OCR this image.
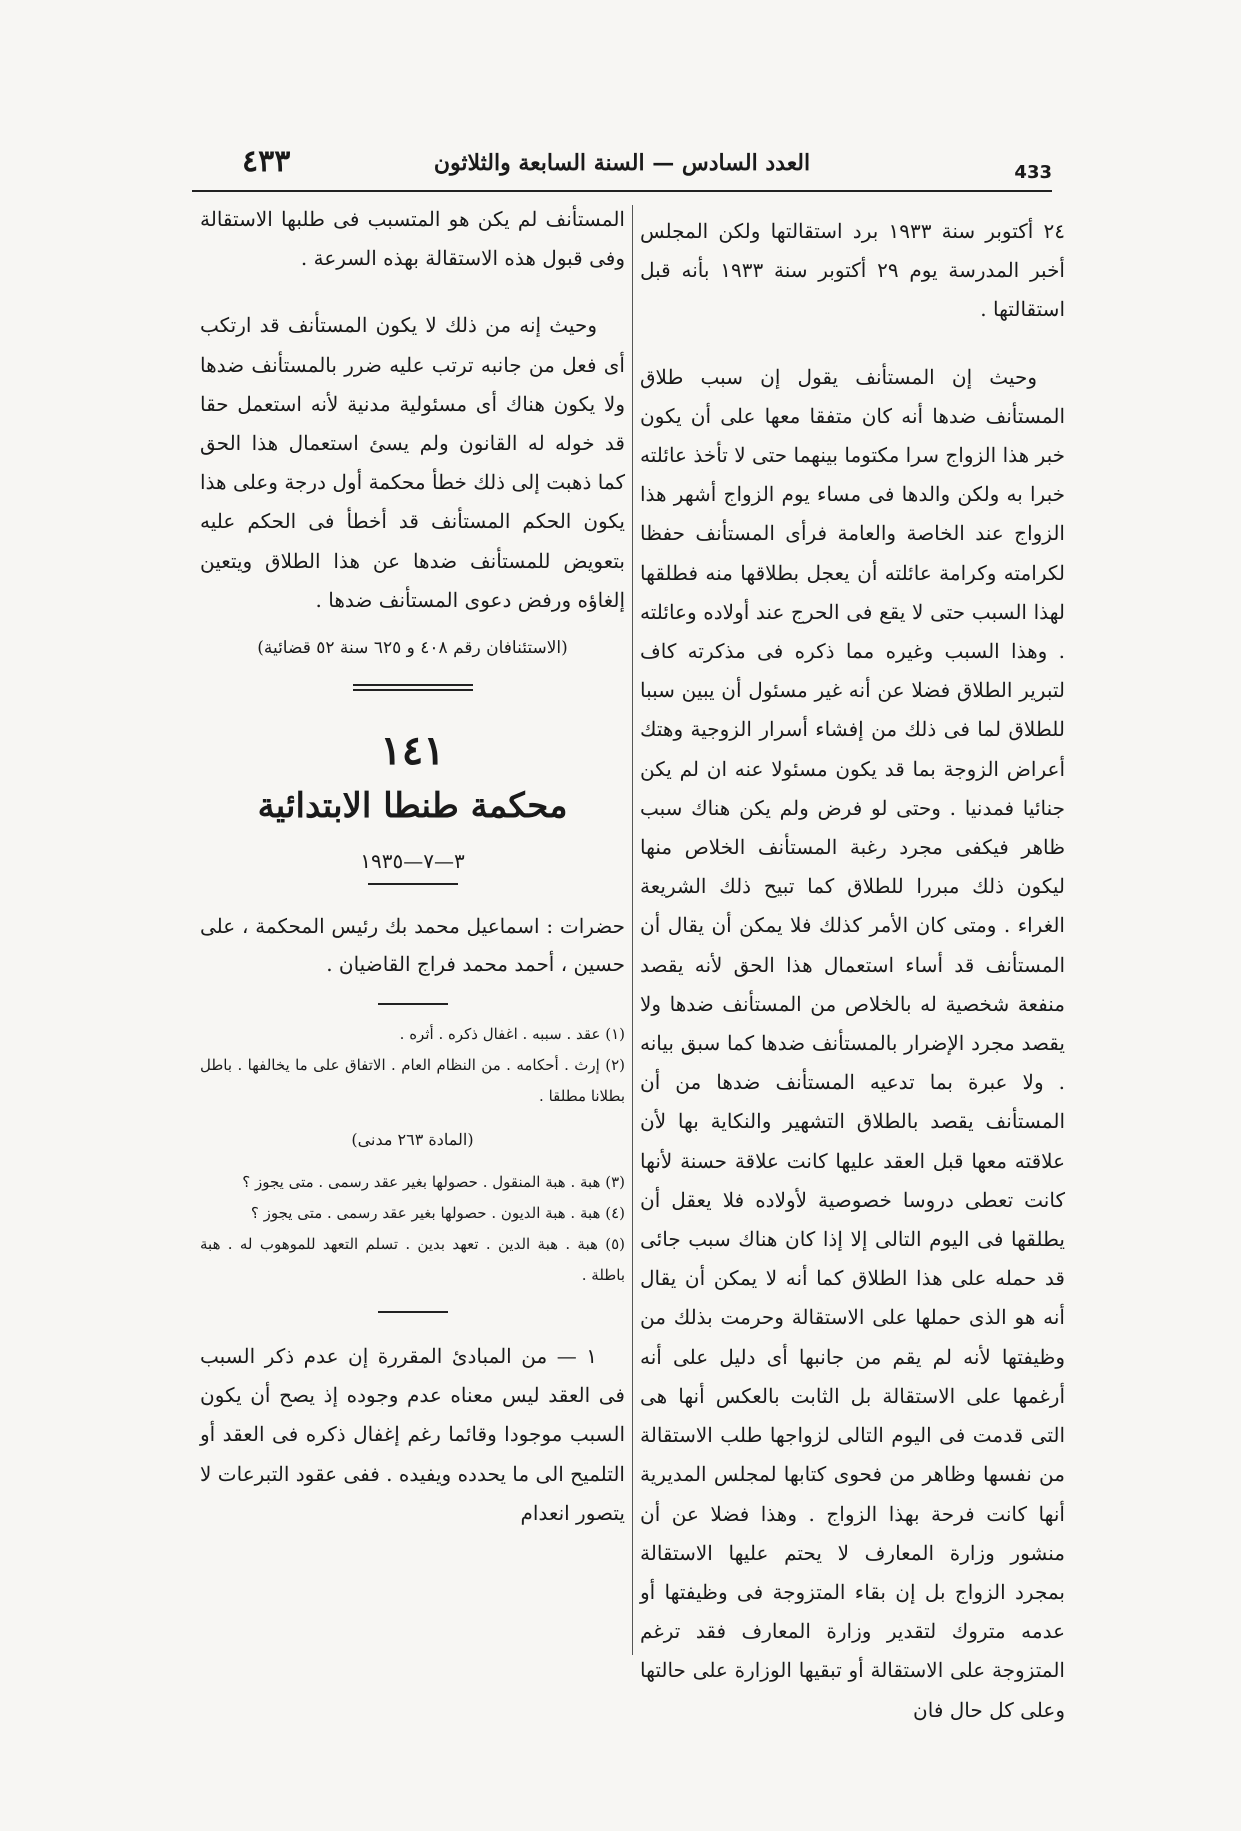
٤٣٣	العدد السادس — السنة السابعة والثلاثون	433

٢٤ أكتوبر سنة ١٩٣٣ برد استقالتها ولكن المجلس أخبر المدرسة يوم ٢٩ أكتوبر سنة ١٩٣٣ بأنه قبل استقالتها .

وحيث إن المستأنف يقول إن سبب طلاق المستأنف ضدها أنه كان متفقا معها على أن يكون خبر هذا الزواج سرا مكتوما بينهما حتى لا تأخذ عائلته خبرا به ولكن والدها فى مساء يوم الزواج أشهر هذا الزواج عند الخاصة والعامة فرأى المستأنف حفظا لكرامته وكرامة عائلته أن يعجل بطلاقها منه فطلقها لهذا السبب حتى لا يقع فى الحرج عند أولاده وعائلته . وهذا السبب وغيره مما ذكره فى مذكرته كاف لتبرير الطلاق فضلا عن أنه غير مسئول أن يبين سببا للطلاق لما فى ذلك من إفشاء أسرار الزوجية وهتك أعراض الزوجة بما قد يكون مسئولا عنه ان لم يكن جنائيا فمدنيا . وحتى لو فرض ولم يكن هناك سبب ظاهر فيكفى مجرد رغبة المستأنف الخلاص منها ليكون ذلك مبررا للطلاق كما تبيح ذلك الشريعة الغراء . ومتى كان الأمر كذلك فلا يمكن أن يقال أن المستأنف قد أساء استعمال هذا الحق لأنه يقصد منفعة شخصية له بالخلاص من المستأنف ضدها ولا يقصد مجرد الإضرار بالمستأنف ضدها كما سبق بيانه . ولا عبرة بما تدعيه المستأنف ضدها من أن المستأنف يقصد بالطلاق التشهير والنكاية بها لأن علاقته معها قبل العقد عليها كانت علاقة حسنة لأنها كانت تعطى دروسا خصوصية لأولاده فلا يعقل أن يطلقها فى اليوم التالى إلا إذا كان هناك سبب جائى قد حمله على هذا الطلاق كما أنه لا يمكن أن يقال أنه هو الذى حملها على الاستقالة وحرمت بذلك من وظيفتها لأنه لم يقم من جانبها أى دليل على أنه أرغمها على الاستقالة بل الثابت بالعكس أنها هى التى قدمت فى اليوم التالى لزواجها طلب الاستقالة من نفسها وظاهر من فحوى كتابها لمجلس المديرية أنها كانت فرحة بهذا الزواج . وهذا فضلا عن أن منشور وزارة المعارف لا يحتم عليها الاستقالة بمجرد الزواج بل إن بقاء المتزوجة فى وظيفتها أو عدمه متروك لتقدير وزارة المعارف فقد ترغم المتزوجة على الاستقالة أو تبقيها الوزارة على حالتها وعلى كل حال فان

المستأنف لم يكن هو المتسبب فى طلبها الاستقالة وفى قبول هذه الاستقالة بهذه السرعة .

وحيث إنه من ذلك لا يكون المستأنف قد ارتكب أى فعل من جانبه ترتب عليه ضرر بالمستأنف ضدها ولا يكون هناك أى مسئولية مدنية لأنه استعمل حقا قد خوله له القانون ولم يسئ استعمال هذا الحق كما ذهبت إلى ذلك خطأ محكمة أول درجة وعلى هذا يكون الحكم المستأنف قد أخطأ فى الحكم عليه بتعويض للمستأنف ضدها عن هذا الطلاق ويتعين إلغاؤه ورفض دعوى المستأنف ضدها .

(الاستئنافان رقم ٤٠٨ و ٦٢٥ سنة ٥٢ قضائية)
١٤١
محكمة طنطا الابتدائية
٣—٧—١٩٣٥
حضرات : اسماعيل محمد بك رئيس المحكمة ، على حسين ، أحمد محمد فراج القاضيان .
(١) عقد . سببه . اغفال ذكره . أثره .
(٢) إرث . أحكامه . من النظام العام . الاتفاق على ما يخالفها . باطل بطلانا مطلقا .
(المادة ٢٦٣ مدنى)
(٣) هبة . هبة المنقول . حصولها بغير عقد رسمى . متى يجوز ؟
(٤) هبة . هبة الديون . حصولها بغير عقد رسمى . متى يجوز ؟
(٥) هبة . هبة الدين . تعهد بدين . تسلم التعهد للموهوب له . هبة باطلة .

١ — من المبادئ المقررة إن عدم ذكر السبب فى العقد ليس معناه عدم وجوده إذ يصح أن يكون السبب موجودا وقائما رغم إغفال ذكره فى العقد أو التلميح الى ما يحدده ويفيده . ففى عقود التبرعات لا يتصور انعدام
